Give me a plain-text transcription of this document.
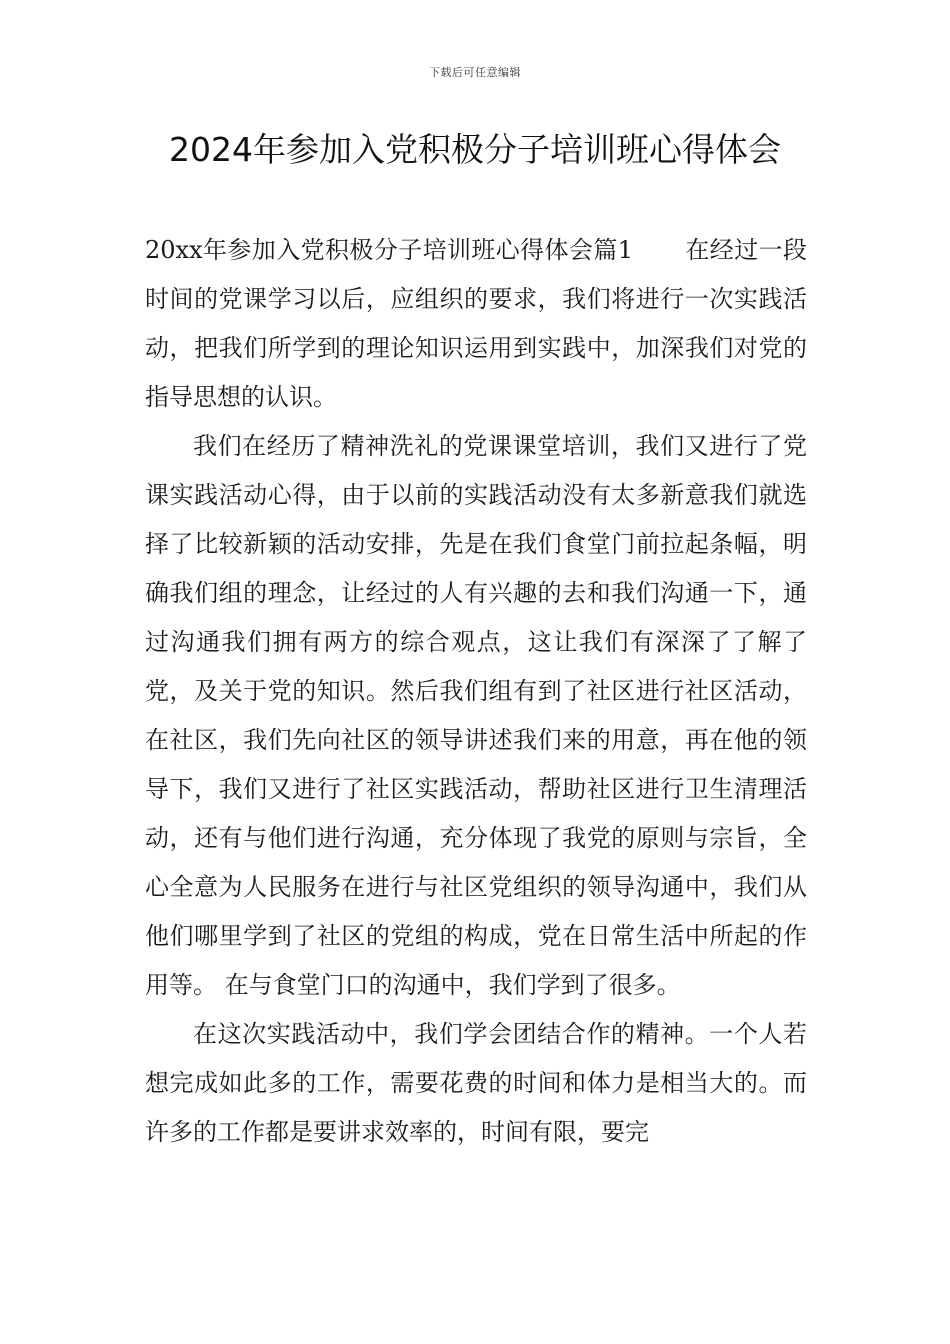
下载后可任意编辑
2024年参加入党积极分子培训班心得体会

20xx年参加入党积极分子培训班心得体会篇1 在经过一段时间的党课学习以后，应组织的要求，我们将进行一次实践活动，把我们所学到的理论知识运用到实践中，加深我们对党的指导思想的认识。

我们在经历了精神洗礼的党课课堂培训，我们又进行了党课实践活动心得，由于以前的实践活动没有太多新意我们就选择了比较新颖的活动安排，先是在我们食堂门前拉起条幅，明确我们组的理念，让经过的人有兴趣的去和我们沟通一下，通过沟通我们拥有两方的综合观点，这让我们有深深了了解了党，及关于党的知识。然后我们组有到了社区进行社区活动，在社区，我们先向社区的领导讲述我们来的用意，再在他的领导下，我们又进行了社区实践活动，帮助社区进行卫生清理活动，还有与他们进行沟通，充分体现了我党的原则与宗旨，全心全意为人民服务在进行与社区党组织的领导沟通中，我们从他们哪里学到了社区的党组的构成，党在日常生活中所起的作用等。 在与食堂门口的沟通中，我们学到了很多。

在这次实践活动中，我们学会团结合作的精神。一个人若想完成如此多的工作，需要花费的时间和体力是相当大的。而许多的工作都是要讲求效率的，时间有限，要完
